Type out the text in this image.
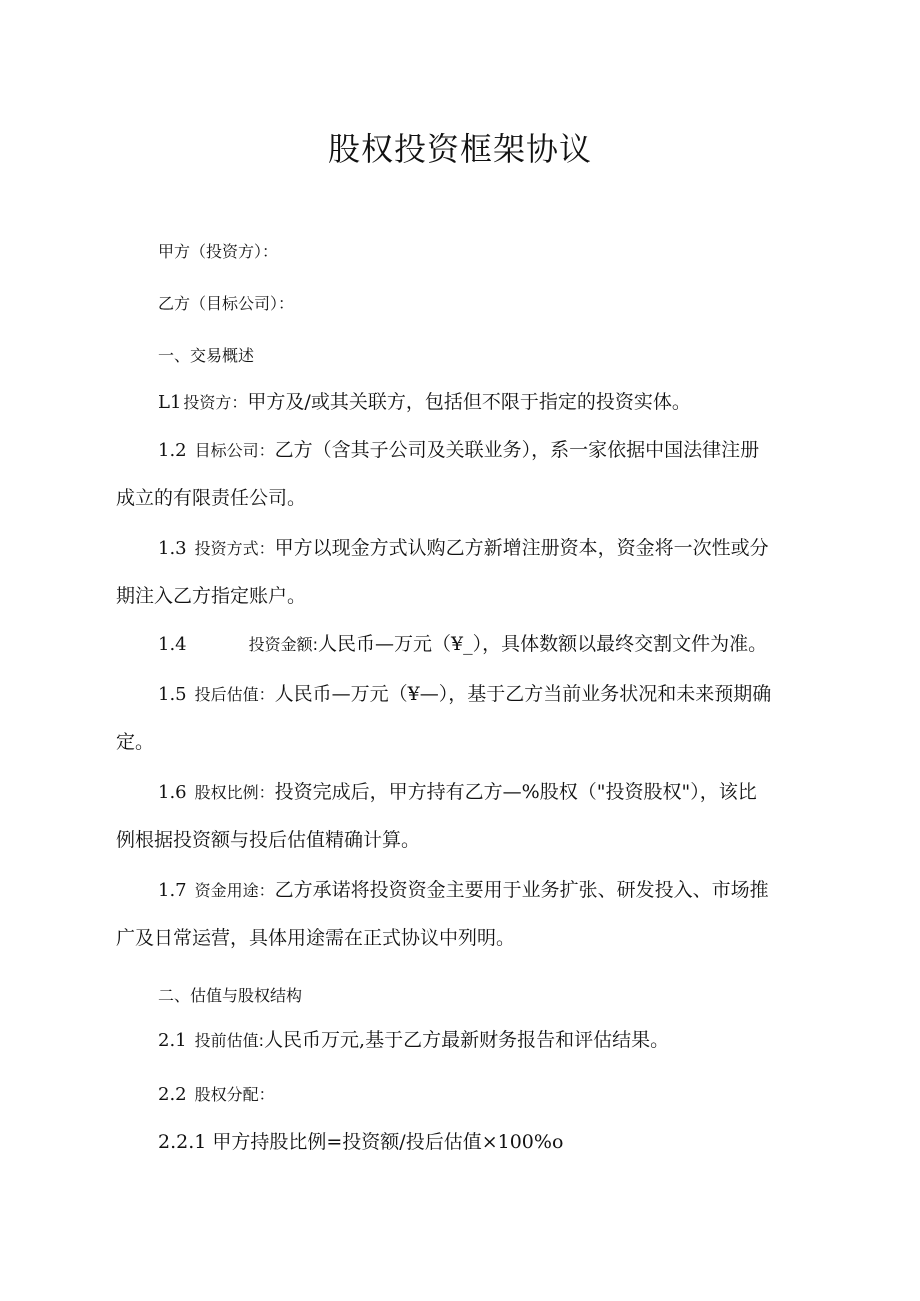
股权投资框架协议
甲方（投资方）：
乙方（目标公司）：
一、交易概述
L1 投资方：甲方及/或其关联方，包括但不限于指定的投资实体。
1.2 目标公司：乙方（含其子公司及关联业务），系一家依据中国法律注册
成立的有限责任公司。
1.3 投资方式：甲方以现金方式认购乙方新增注册资本，资金将一次性或分
期注入乙方指定账户。
1.4	投资金额:人民币—万元（¥_），具体数额以最终交割文件为准。
1.5 投后估值：人民币—万元（¥—），基于乙方当前业务状况和未来预期确
定。
1.6 股权比例：投资完成后，甲方持有乙方—%股权（"投资股权"），该比
例根据投资额与投后估值精确计算。
1.7 资金用途：乙方承诺将投资资金主要用于业务扩张、研发投入、市场推
广及日常运营，具体用途需在正式协议中列明。
二、估值与股权结构
2.1 投前估值:人民币万元,基于乙方最新财务报告和评估结果。
2.2 股权分配：
2.2.1 甲方持股比例=投资额/投后估值×100%o
